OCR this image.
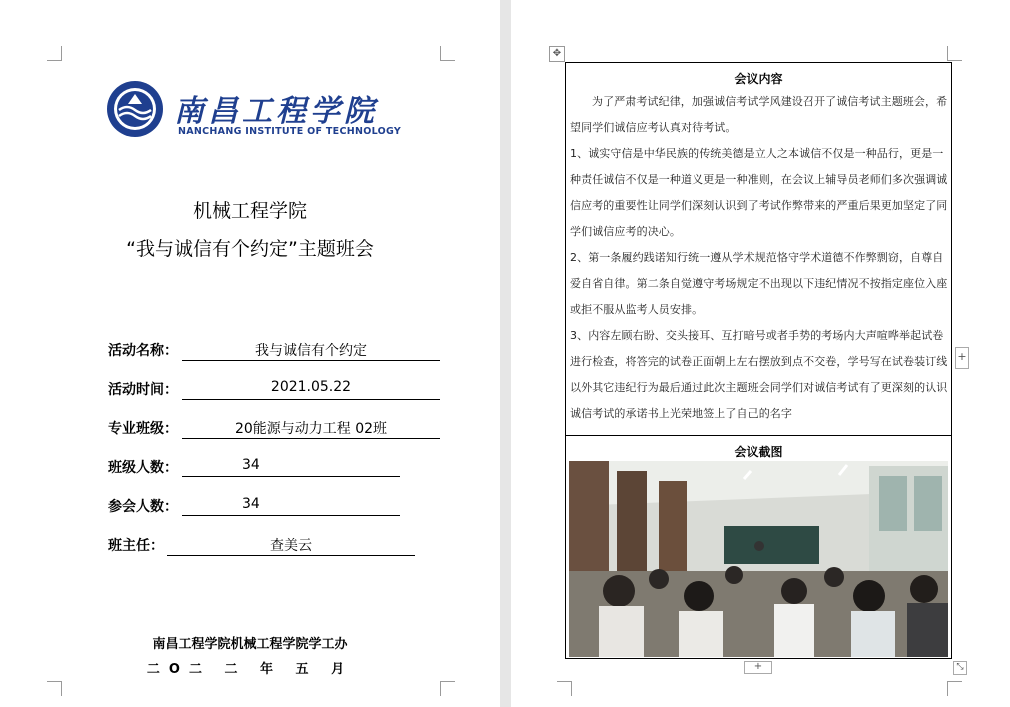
南昌工程学院
NANCHANG INSTITUTE OF TECHNOLOGY
机械工程学院
“我与诚信有个约定”主题班会
活动名称：	我与诚信有个约定
活动时间：	2021.05.22
专业班级：	20能源与动力工程 02班
班级人数：	34
参会人数：	34
班主任：	查美云
南昌工程学院机械工程学院学工办
二O二 二 年 五 月
✥
会议内容

为了严肃考试纪律，加强诚信考试学风建设召开了诚信考试主题班会，希望同学们诚信应考认真对待考试。

1、诚实守信是中华民族的传统美德是立人之本诚信不仅是一种品行，更是一种责任诚信不仅是一种道义更是一种准则，在会议上辅导员老师们多次强调诚信应考的重要性让同学们深刻认识到了考试作弊带来的严重后果更加坚定了同学们诚信应考的决心。

2、第一条履约践诺知行统一遵从学术规范恪守学术道德不作弊剽窃，自尊自爱自省自律。第二条自觉遵守考场规定不出现以下违纪情况不按指定座位入座或拒不服从监考人员安排。

3、内容左顾右盼、交头接耳、互打暗号或者手势的考场内大声喧哗举起试卷进行检查，将答完的试卷正面朝上左右摆放到点不交卷，学号写在试卷装订线以外其它违纪行为最后通过此次主题班会同学们对诚信考试有了更深刻的认识诚信考试的承诺书上光荣地签上了自己的名字

会议截图
+
+	⤡
